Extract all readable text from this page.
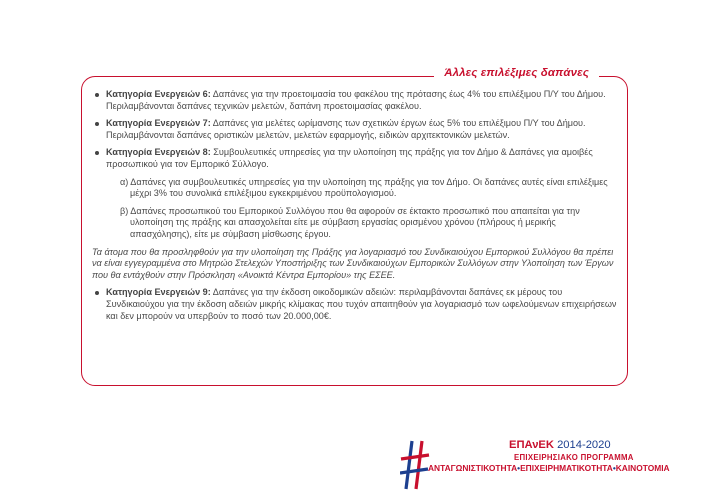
Άλλες επιλέξιμες δαπάνες
Κατηγορία Ενεργειών 6: Δαπάνες για την προετοιμασία του φακέλου της πρότασης έως 4% του επιλέξιμου Π/Υ του Δήμου. Περιλαμβάνονται δαπάνες τεχνικών μελετών, δαπάνη προετοιμασίας φακέλου.
Κατηγορία Ενεργειών 7: Δαπάνες για μελέτες ωρίμανσης των σχετικών έργων έως 5% του επιλέξιμου Π/Υ του Δήμου. Περιλαμβάνονται δαπάνες οριστικών μελετών, μελετών εφαρμογής, ειδικών αρχιτεκτονικών μελετών.
Κατηγορία Ενεργειών 8: Συμβουλευτικές υπηρεσίες για την υλοποίηση της πράξης για τον Δήμο & Δαπάνες για αμοιβές προσωπικού για τον Εμπορικό Σύλλογο.

α) Δαπάνες για συμβουλευτικές υπηρεσίες για την υλοποίηση της πράξης για τον Δήμο. Οι δαπάνες αυτές είναι επιλέξιμες μέχρι 3% του συνολικά επιλέξιμου εγκεκριμένου προϋπολογισμού.

β) Δαπάνες προσωπικού του Εμπορικού Συλλόγου που θα αφορούν σε έκτακτο προσωπικό που απαιτείται για την υλοποίηση της πράξης και απασχολείται είτε με σύμβαση εργασίας ορισμένου χρόνου (πλήρους ή μερικής απασχόλησης), είτε με σύμβαση μίσθωσης έργου.

Τα άτομα που θα προσληφθούν για την υλοποίηση της Πράξης για λογαριασμό του Συνδικαιούχου Εμπορικού Συλλόγου θα πρέπει να είναι εγγεγραμμένα στο Μητρώο Στελεχών Υποστήριξης των Συνδικαιούχων Εμπορικών Συλλόγων στην Υλοποίηση των Έργων που θα εντάχθούν στην Πρόσκληση «Ανοικτά Κέντρα Εμπορίου» της ΕΣΕΕ.

Κατηγορία Ενεργειών 9: Δαπάνες για την έκδοση οικοδομικών αδειών: περιλαμβάνονται δαπάνες εκ μέρους του Συνδικαιούχου για την έκδοση αδειών μικρής κλίμακας που τυχόν απαιτηθούν για λογαριασμό των ωφελούμενων επιχειρήσεων και δεν μπορούν να υπερβούν το ποσό των 20.000,00€.
ΕΠΑνΕΚ 2014-2020
ΕΠΙΧΕΙΡΗΣΙΑΚΟ ΠΡΟΓΡΑΜΜΑ
ΑΝΤΑΓΩΝΙΣΤΙΚΟΤΗΤΑ•ΕΠΙΧΕΙΡΗΜΑΤΙΚΟΤΗΤΑ•ΚΑΙΝΟΤΟΜΙΑ
